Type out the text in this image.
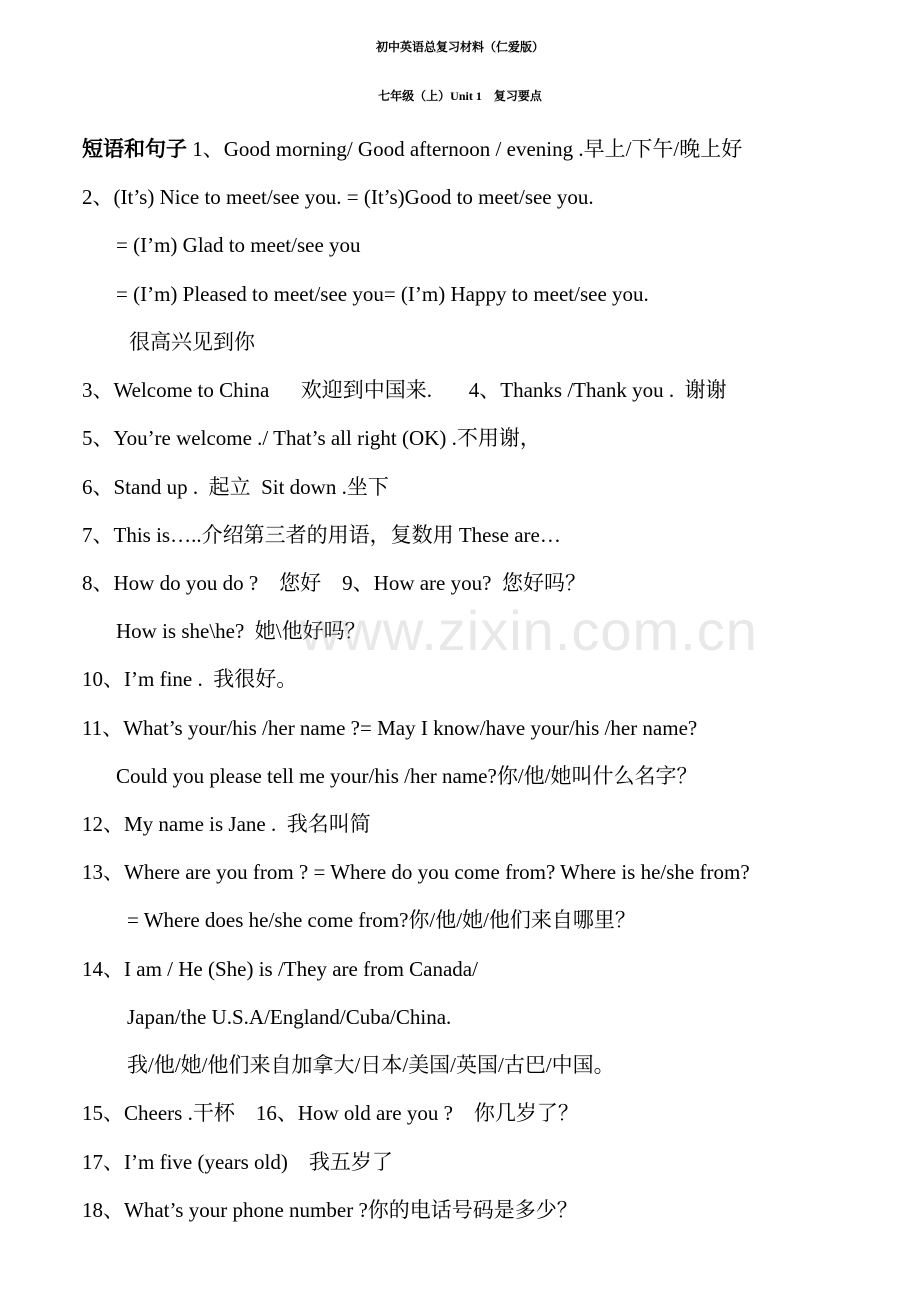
初中英语总复习材料（仁爱版）
七年级（上）Unit 1　复习要点
短语和句子 1、Good morning/ Good afternoon / evening .早上/下午/晚上好
2、(It’s) Nice to meet/see you. = (It’s)Good to meet/see you.
= (I’m) Glad to meet/see you
= (I’m) Pleased to meet/see you= (I’m) Happy to meet/see you.
很高兴见到你
3、Welcome to China      欢迎到中国来.       4、Thanks /Thank you .  谢谢
5、You’re welcome ./ That’s all right (OK) .不用谢，
6、Stand up .  起立  Sit down .坐下
7、This is…..介绍第三者的用语，复数用 These are…
8、How do you do ?    您好    9、How are you?  您好吗？
How is she\he?  她\他好吗？
10、I’m fine .  我很好。
11、What’s your/his /her name ?= May I know/have your/his /her name?
Could you please tell me your/his /her name?你/他/她叫什么名字？
12、My name is Jane .  我名叫简
13、Where are you from ? = Where do you come from? Where is he/she from?
= Where does he/she come from?你/他/她/他们来自哪里？
14、I am / He (She) is /They are from Canada/
Japan/the U.S.A/England/Cuba/China.
我/他/她/他们来自加拿大/日本/美国/英国/古巴/中国。
15、Cheers .干杯    16、How old are you ?    你几岁了？
17、I’m five (years old)    我五岁了
18、What’s your phone number ?你的电话号码是多少？
www.zixin.com.cn
